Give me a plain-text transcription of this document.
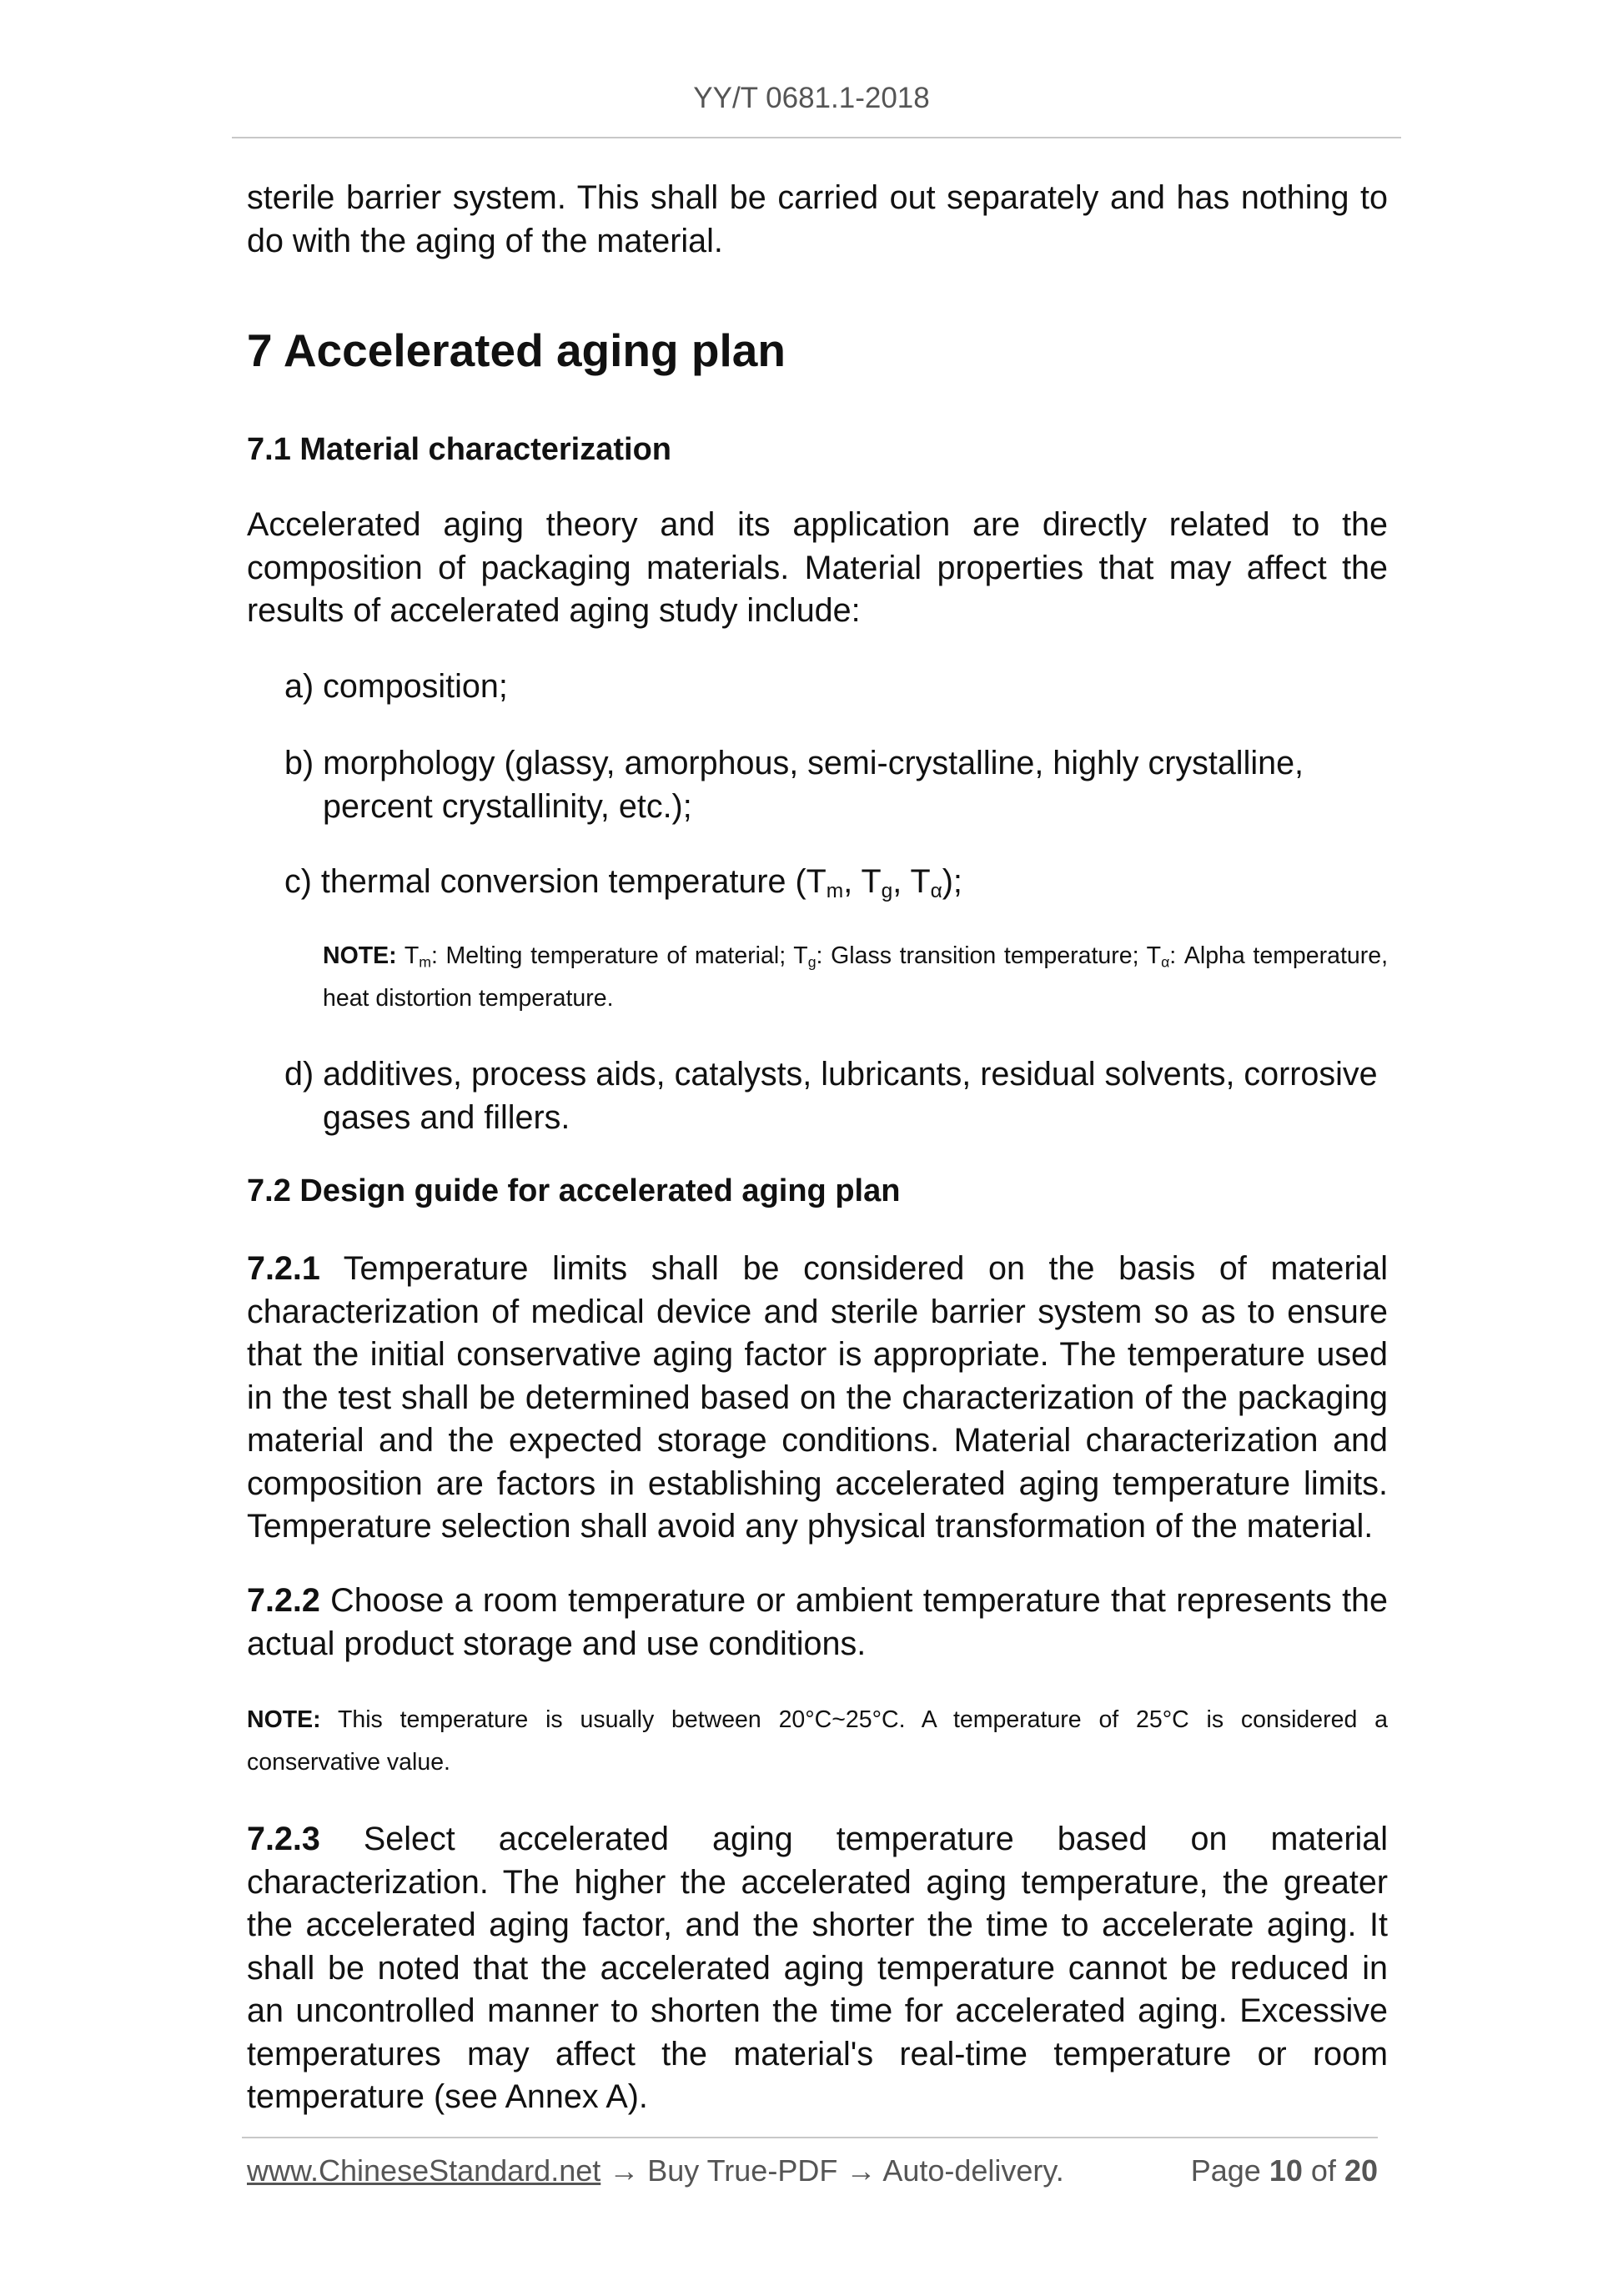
YY/T 0681.1-2018

sterile barrier system. This shall be carried out separately and has nothing to do with the aging of the material.

7 Accelerated aging plan
7.1 Material characterization

Accelerated aging theory and its application are directly related to the composition of packaging materials. Material properties that may affect the results of accelerated aging study include:

a) composition;
b) morphology (glassy, amorphous, semi-crystalline, highly crystalline,
percent crystallinity, etc.);
c) thermal conversion temperature ($T_m$, $T_g$, $T_\alpha$);
NOTE: $T_m$: Melting temperature of material; $T_g$: Glass transition temperature; $T_\alpha$: Alpha temperature, heat distortion temperature.
d) additives, process aids, catalysts, lubricants, residual solvents, corrosive
gases and fillers.
7.2 Design guide for accelerated aging plan

7.2.1 Temperature limits shall be considered on the basis of material characterization of medical device and sterile barrier system so as to ensure that the initial conservative aging factor is appropriate. The temperature used in the test shall be determined based on the characterization of the packaging material and the expected storage conditions. Material characterization and composition are factors in establishing accelerated aging temperature limits. Temperature selection shall avoid any physical transformation of the material.

7.2.2 Choose a room temperature or ambient temperature that represents the actual product storage and use conditions.

NOTE: This temperature is usually between 20°C~25°C. A temperature of 25°C is considered a conservative value.

7.2.3 Select accelerated aging temperature based on material characterization. The higher the accelerated aging temperature, the greater the accelerated aging factor, and the shorter the time to accelerate aging. It shall be noted that the accelerated aging temperature cannot be reduced in an uncontrolled manner to shorten the time for accelerated aging. Excessive temperatures may affect the material's real-time temperature or room temperature (see Annex A).

www.ChineseStandard.net → Buy True-PDF → Auto-delivery.	Page 10 of 20
